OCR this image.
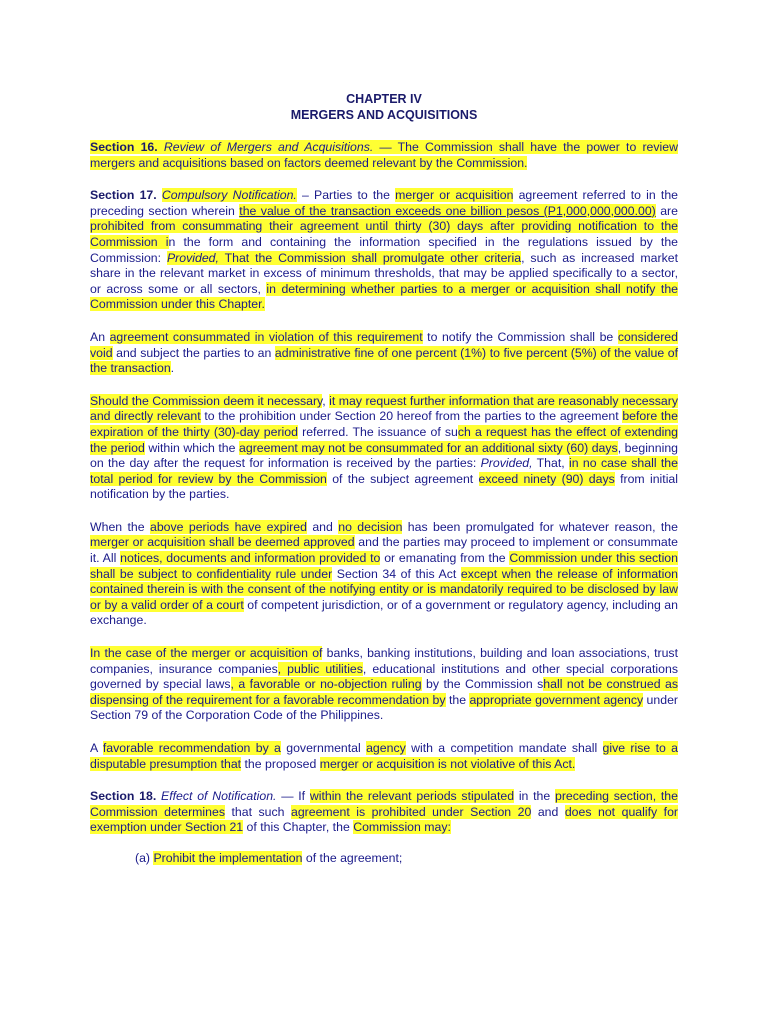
CHAPTER IV
MERGERS AND ACQUISITIONS

Section 16. Review of Mergers and Acquisitions. — The Commission shall have the power to review mergers and acquisitions based on factors deemed relevant by the Commission.

Section 17. Compulsory Notification. – Parties to the merger or acquisition agreement referred to in the preceding section wherein the value of the transaction exceeds one billion pesos (P1,000,000,000.00) are prohibited from consummating their agreement until thirty (30) days after providing notification to the Commission in the form and containing the information specified in the regulations issued by the Commission: Provided, That the Commission shall promulgate other criteria, such as increased market share in the relevant market in excess of minimum thresholds, that may be applied specifically to a sector, or across some or all sectors, in determining whether parties to a merger or acquisition shall notify the Commission under this Chapter.

An agreement consummated in violation of this requirement to notify the Commission shall be considered void and subject the parties to an administrative fine of one percent (1%) to five percent (5%) of the value of the transaction.

Should the Commission deem it necessary, it may request further information that are reasonably necessary and directly relevant to the prohibition under Section 20 hereof from the parties to the agreement before the expiration of the thirty (30)-day period referred. The issuance of such a request has the effect of extending the period within which the agreement may not be consummated for an additional sixty (60) days, beginning on the day after the request for information is received by the parties: Provided, That, in no case shall the total period for review by the Commission of the subject agreement exceed ninety (90) days from initial notification by the parties.

When the above periods have expired and no decision has been promulgated for whatever reason, the merger or acquisition shall be deemed approved and the parties may proceed to implement or consummate it. All notices, documents and information provided to or emanating from the Commission under this section shall be subject to confidentiality rule under Section 34 of this Act except when the release of information contained therein is with the consent of the notifying entity or is mandatorily required to be disclosed by law or by a valid order of a court of competent jurisdiction, or of a government or regulatory agency, including an exchange.

In the case of the merger or acquisition of banks, banking institutions, building and loan associations, trust companies, insurance companies, public utilities, educational institutions and other special corporations governed by special laws, a favorable or no-objection ruling by the Commission shall not be construed as dispensing of the requirement for a favorable recommendation by the appropriate government agency under Section 79 of the Corporation Code of the Philippines.

A favorable recommendation by a governmental agency with a competition mandate shall give rise to a disputable presumption that the proposed merger or acquisition is not violative of this Act.

Section 18. Effect of Notification. — If within the relevant periods stipulated in the preceding section, the Commission determines that such agreement is prohibited under Section 20 and does not qualify for exemption under Section 21 of this Chapter, the Commission may:

(a) Prohibit the implementation of the agreement;
